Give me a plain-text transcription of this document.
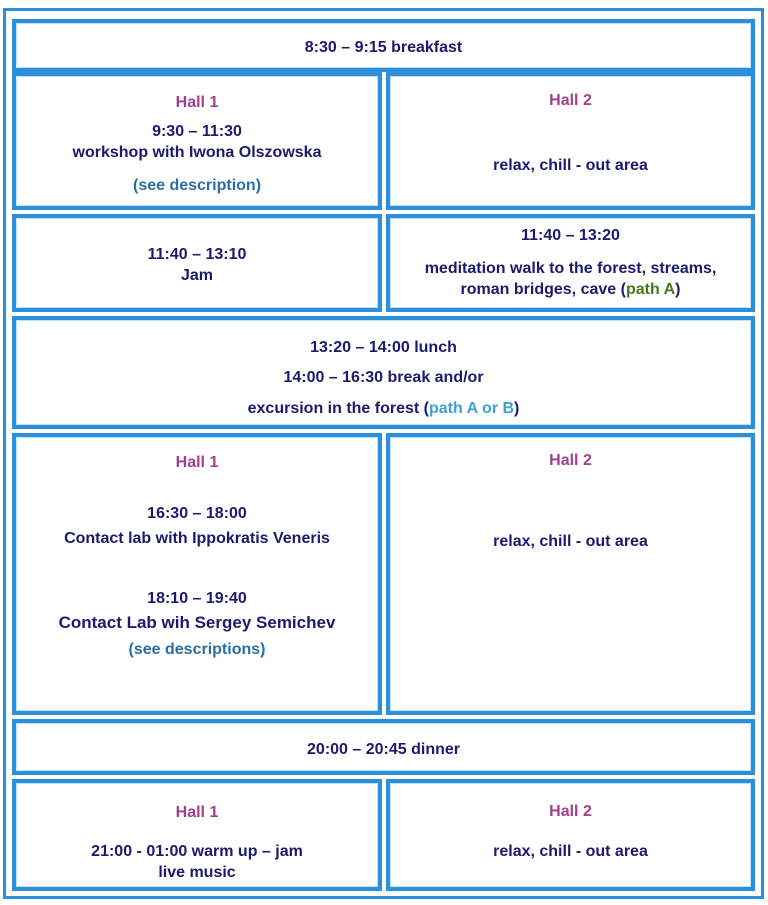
8:30 – 9:15 breakfast
Hall 1
9:30 – 11:30
workshop with Iwona Olszowska
(see description)
Hall 2
relax, chill - out area
11:40 – 13:10
Jam
11:40 – 13:20
meditation walk to the forest, streams,
roman bridges, cave (path A)
13:20 – 14:00 lunch
14:00 – 16:30 break and/or
excursion in the forest (path A or B)
Hall 1
16:30 – 18:00
Contact lab with Ippokratis Veneris
18:10 – 19:40
Contact Lab wih Sergey Semichev
(see descriptions)
Hall 2
relax, chill - out area
20:00 – 20:45 dinner
Hall 1
21:00 - 01:00 warm up – jam
live music
Hall 2
relax, chill - out area
